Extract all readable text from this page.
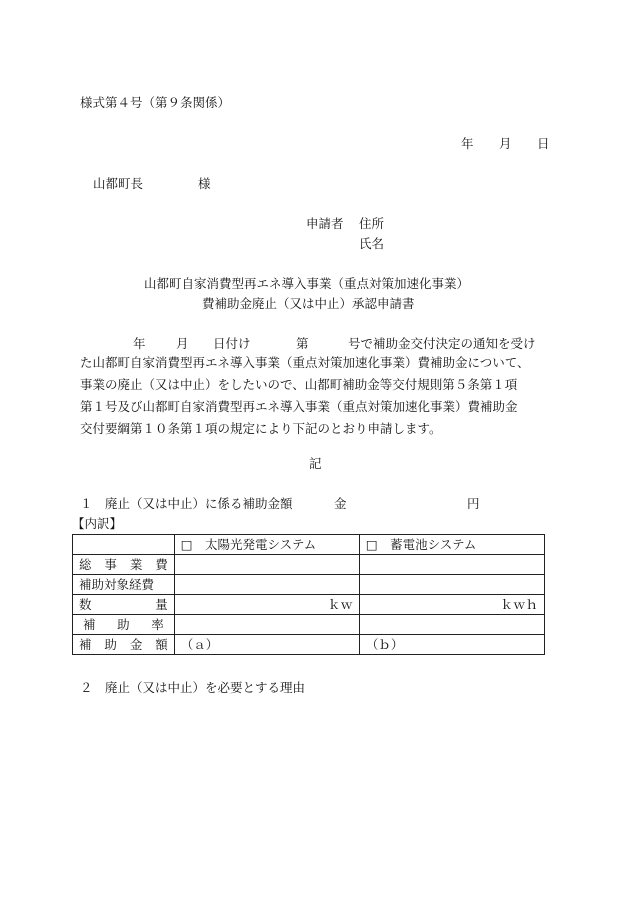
様式第４号（第９条関係）
年 月 日
山都町長	様
申請者 住所
氏名
山都町自家消費型再エネ導入事業（重点対策加速化事業）
費補助金廃止（又は中止）承認申請書
年 月 日付け	第	号で補助金交付決定の通知を受け
た山都町自家消費型再エネ導入事業（重点対策加速化事業）費補助金について、
事業の廃止（又は中止）をしたいので、山都町補助金等交付規則第５条第１項
第１号及び山都町自家消費型再エネ導入事業（重点対策加速化事業）費補助金
交付要綱第１０条第１項の規定により下記のとおり申請します。
記
１　廃止（又は中止）に係る補助金額	金	円
【内訳】
	□　太陽光発電システム	□　蓄電池システム

総 事 業 費		

補助対象経費		

数 量	ｋｗ	ｋｗｈ

補 助 率		

補 助 金 額	（ａ）	（ｂ）
２　廃止（又は中止）を必要とする理由
